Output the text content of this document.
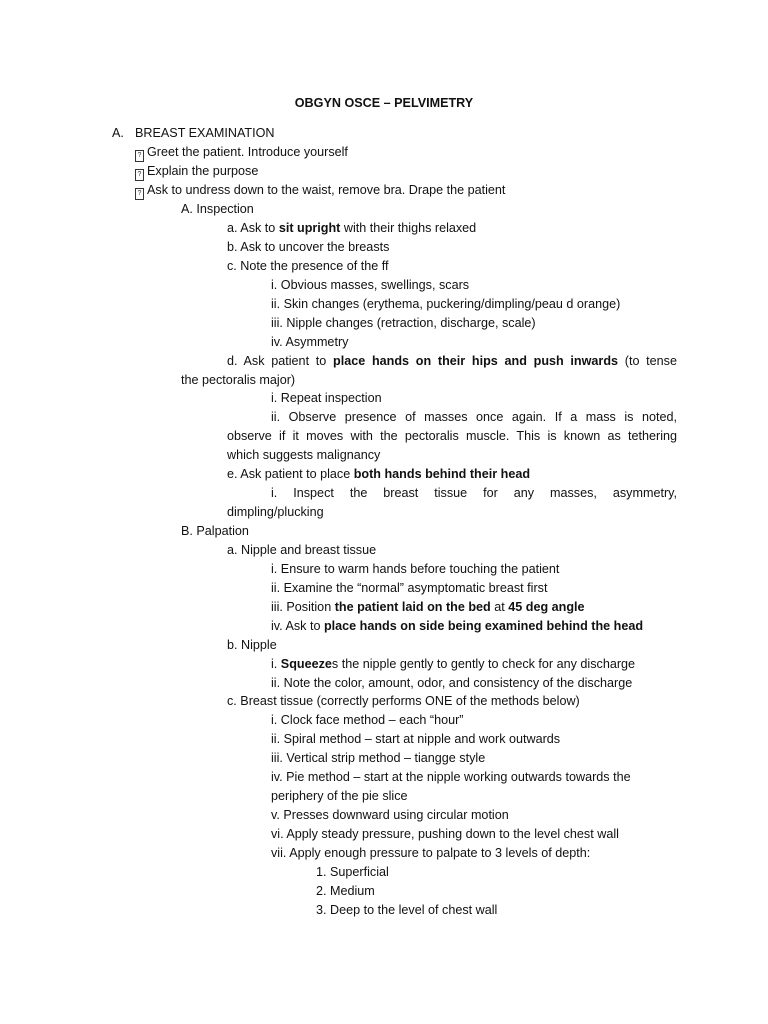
OBGYN OSCE – PELVIMETRY
A. BREAST EXAMINATION
? Greet the patient. Introduce yourself
? Explain the purpose
? Ask to undress down to the waist, remove bra. Drape the patient
A. Inspection
a. Ask to sit upright with their thighs relaxed
b. Ask to uncover the breasts
c. Note the presence of the ff
i. Obvious masses, swellings, scars
ii. Skin changes (erythema, puckering/dimpling/peau d orange)
iii. Nipple changes (retraction, discharge, scale)
iv. Asymmetry
d. Ask patient to place hands on their hips and push inwards (to tense
the pectoralis major)
i. Repeat inspection
ii. Observe presence of masses once again. If a mass is noted,
observe if it moves with the pectoralis muscle. This is known as tethering
which suggests malignancy
e. Ask patient to place both hands behind their head
i. Inspect the breast tissue for any masses, asymmetry,
dimpling/plucking
B. Palpation
a. Nipple and breast tissue
i. Ensure to warm hands before touching the patient
ii. Examine the “normal” asymptomatic breast first
iii. Position the patient laid on the bed at 45 deg angle
iv. Ask to place hands on side being examined behind the head
b. Nipple
i. Squeezes the nipple gently to gently to check for any discharge
ii. Note the color, amount, odor, and consistency of the discharge
c. Breast tissue (correctly performs ONE of the methods below)
i. Clock face method – each “hour”
ii. Spiral method – start at nipple and work outwards
iii. Vertical strip method – tiangge style
iv. Pie method – start at the nipple working outwards towards the
periphery of the pie slice
v. Presses downward using circular motion
vi. Apply steady pressure, pushing down to the level chest wall
vii. Apply enough pressure to palpate to 3 levels of depth:
1. Superficial
2. Medium
3. Deep to the level of chest wall
